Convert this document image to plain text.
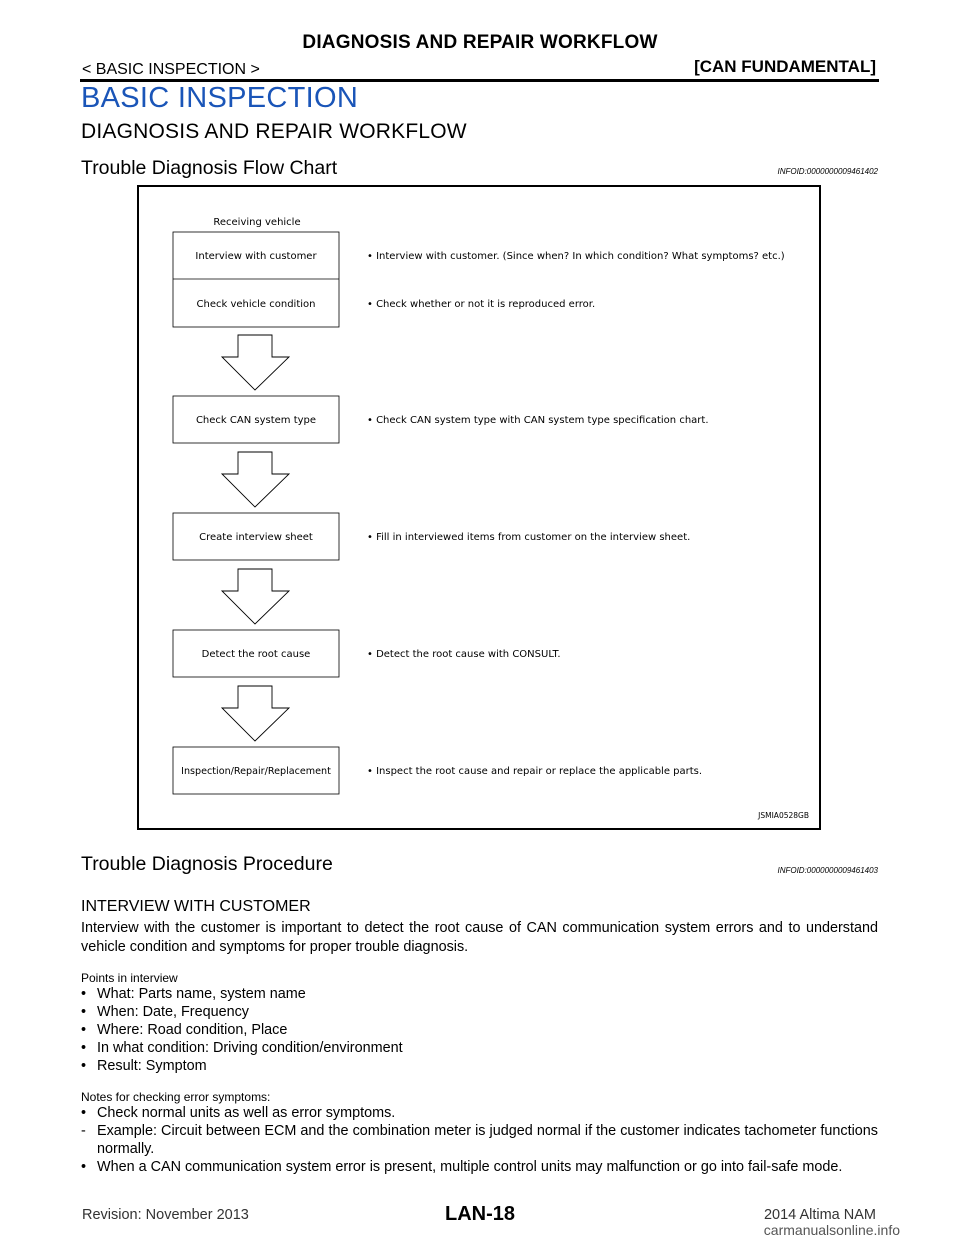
DIAGNOSIS AND REPAIR WORKFLOW
< BASIC INSPECTION >	[CAN FUNDAMENTAL]
BASIC INSPECTION
DIAGNOSIS AND REPAIR WORKFLOW
Trouble Diagnosis Flow Chart	INFOID:0000000009461402
Receiving vehicle
Interview with customer
Check vehicle condition
• Interview with customer. (Since when? In which condition? What symptoms? etc.)
• Check whether or not it is reproduced error.
Check CAN system type	• Check CAN system type with CAN system type specification chart.
Create interview sheet	• Fill in interviewed items from customer on the interview sheet.
Detect the root cause	• Detect the root cause with CONSULT.
Inspection/Repair/Replacement	• Inspect the root cause and repair or replace the applicable parts.
JSMIA0528GB
Trouble Diagnosis Procedure	INFOID:0000000009461403
INTERVIEW WITH CUSTOMER
Interview with the customer is important to detect the root cause of CAN communication system errors and to understand vehicle condition and symptoms for proper trouble diagnosis.
Points in interview
• What: Parts name, system name
• When: Date, Frequency
• Where: Road condition, Place
• In what condition: Driving condition/environment
• Result: Symptom
Notes for checking error symptoms:
• Check normal units as well as error symptoms.
- Example: Circuit between ECM and the combination meter is judged normal if the customer indicates tachometer functions normally.
• When a CAN communication system error is present, multiple control units may malfunction or go into fail-safe mode.
Revision: November 2013	LAN-18	2014 Altima NAM
carmanualsonline.info
